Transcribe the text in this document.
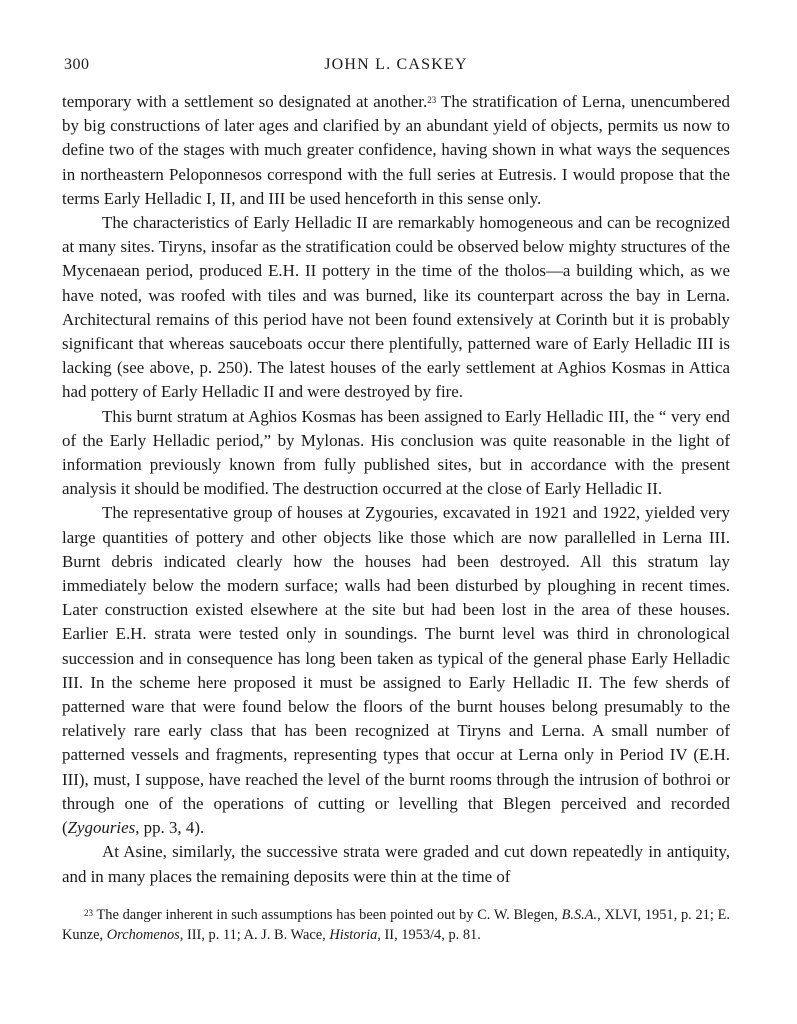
300	JOHN L. CASKEY

temporary with a settlement so designated at another.$^{23}$ The stratification of Lerna, unencumbered by big constructions of later ages and clarified by an abundant yield of objects, permits us now to define two of the stages with much greater confidence, having shown in what ways the sequences in northeastern Peloponnesos correspond with the full series at Eutresis. I would propose that the terms Early Helladic I, II, and III be used henceforth in this sense only.

The characteristics of Early Helladic II are remarkably homogeneous and can be recognized at many sites. Tiryns, insofar as the stratification could be observed below mighty structures of the Mycenaean period, produced E.H. II pottery in the time of the tholos—a building which, as we have noted, was roofed with tiles and was burned, like its counterpart across the bay in Lerna. Architectural remains of this period have not been found extensively at Corinth but it is probably significant that whereas sauceboats occur there plentifully, patterned ware of Early Helladic III is lacking (see above, p. 250). The latest houses of the early settlement at Aghios Kosmas in Attica had pottery of Early Helladic II and were destroyed by fire.

This burnt stratum at Aghios Kosmas has been assigned to Early Helladic III, the “ very end of the Early Helladic period,” by Mylonas. His conclusion was quite reasonable in the light of information previously known from fully published sites, but in accordance with the present analysis it should be modified. The destruction occurred at the close of Early Helladic II.

The representative group of houses at Zygouries, excavated in 1921 and 1922, yielded very large quantities of pottery and other objects like those which are now parallelled in Lerna III. Burnt debris indicated clearly how the houses had been destroyed. All this stratum lay immediately below the modern surface; walls had been disturbed by ploughing in recent times. Later construction existed elsewhere at the site but had been lost in the area of these houses. Earlier E.H. strata were tested only in soundings. The burnt level was third in chronological succession and in consequence has long been taken as typical of the general phase Early Helladic III. In the scheme here proposed it must be assigned to Early Helladic II. The few sherds of patterned ware that were found below the floors of the burnt houses belong presumably to the relatively rare early class that has been recognized at Tiryns and Lerna. A small number of patterned vessels and fragments, representing types that occur at Lerna only in Period IV (E.H. III), must, I suppose, have reached the level of the burnt rooms through the intrusion of bothroi or through one of the operations of cutting or levelling that Blegen perceived and recorded (Zygouries, pp. 3, 4).

At Asine, similarly, the successive strata were graded and cut down repeatedly in antiquity, and in many places the remaining deposits were thin at the time of

$^{23}$ The danger inherent in such assumptions has been pointed out by C. W. Blegen, B.S.A., XLVI, 1951, p. 21; E. Kunze, Orchomenos, III, p. 11; A. J. B. Wace, Historia, II, 1953/4, p. 81.
